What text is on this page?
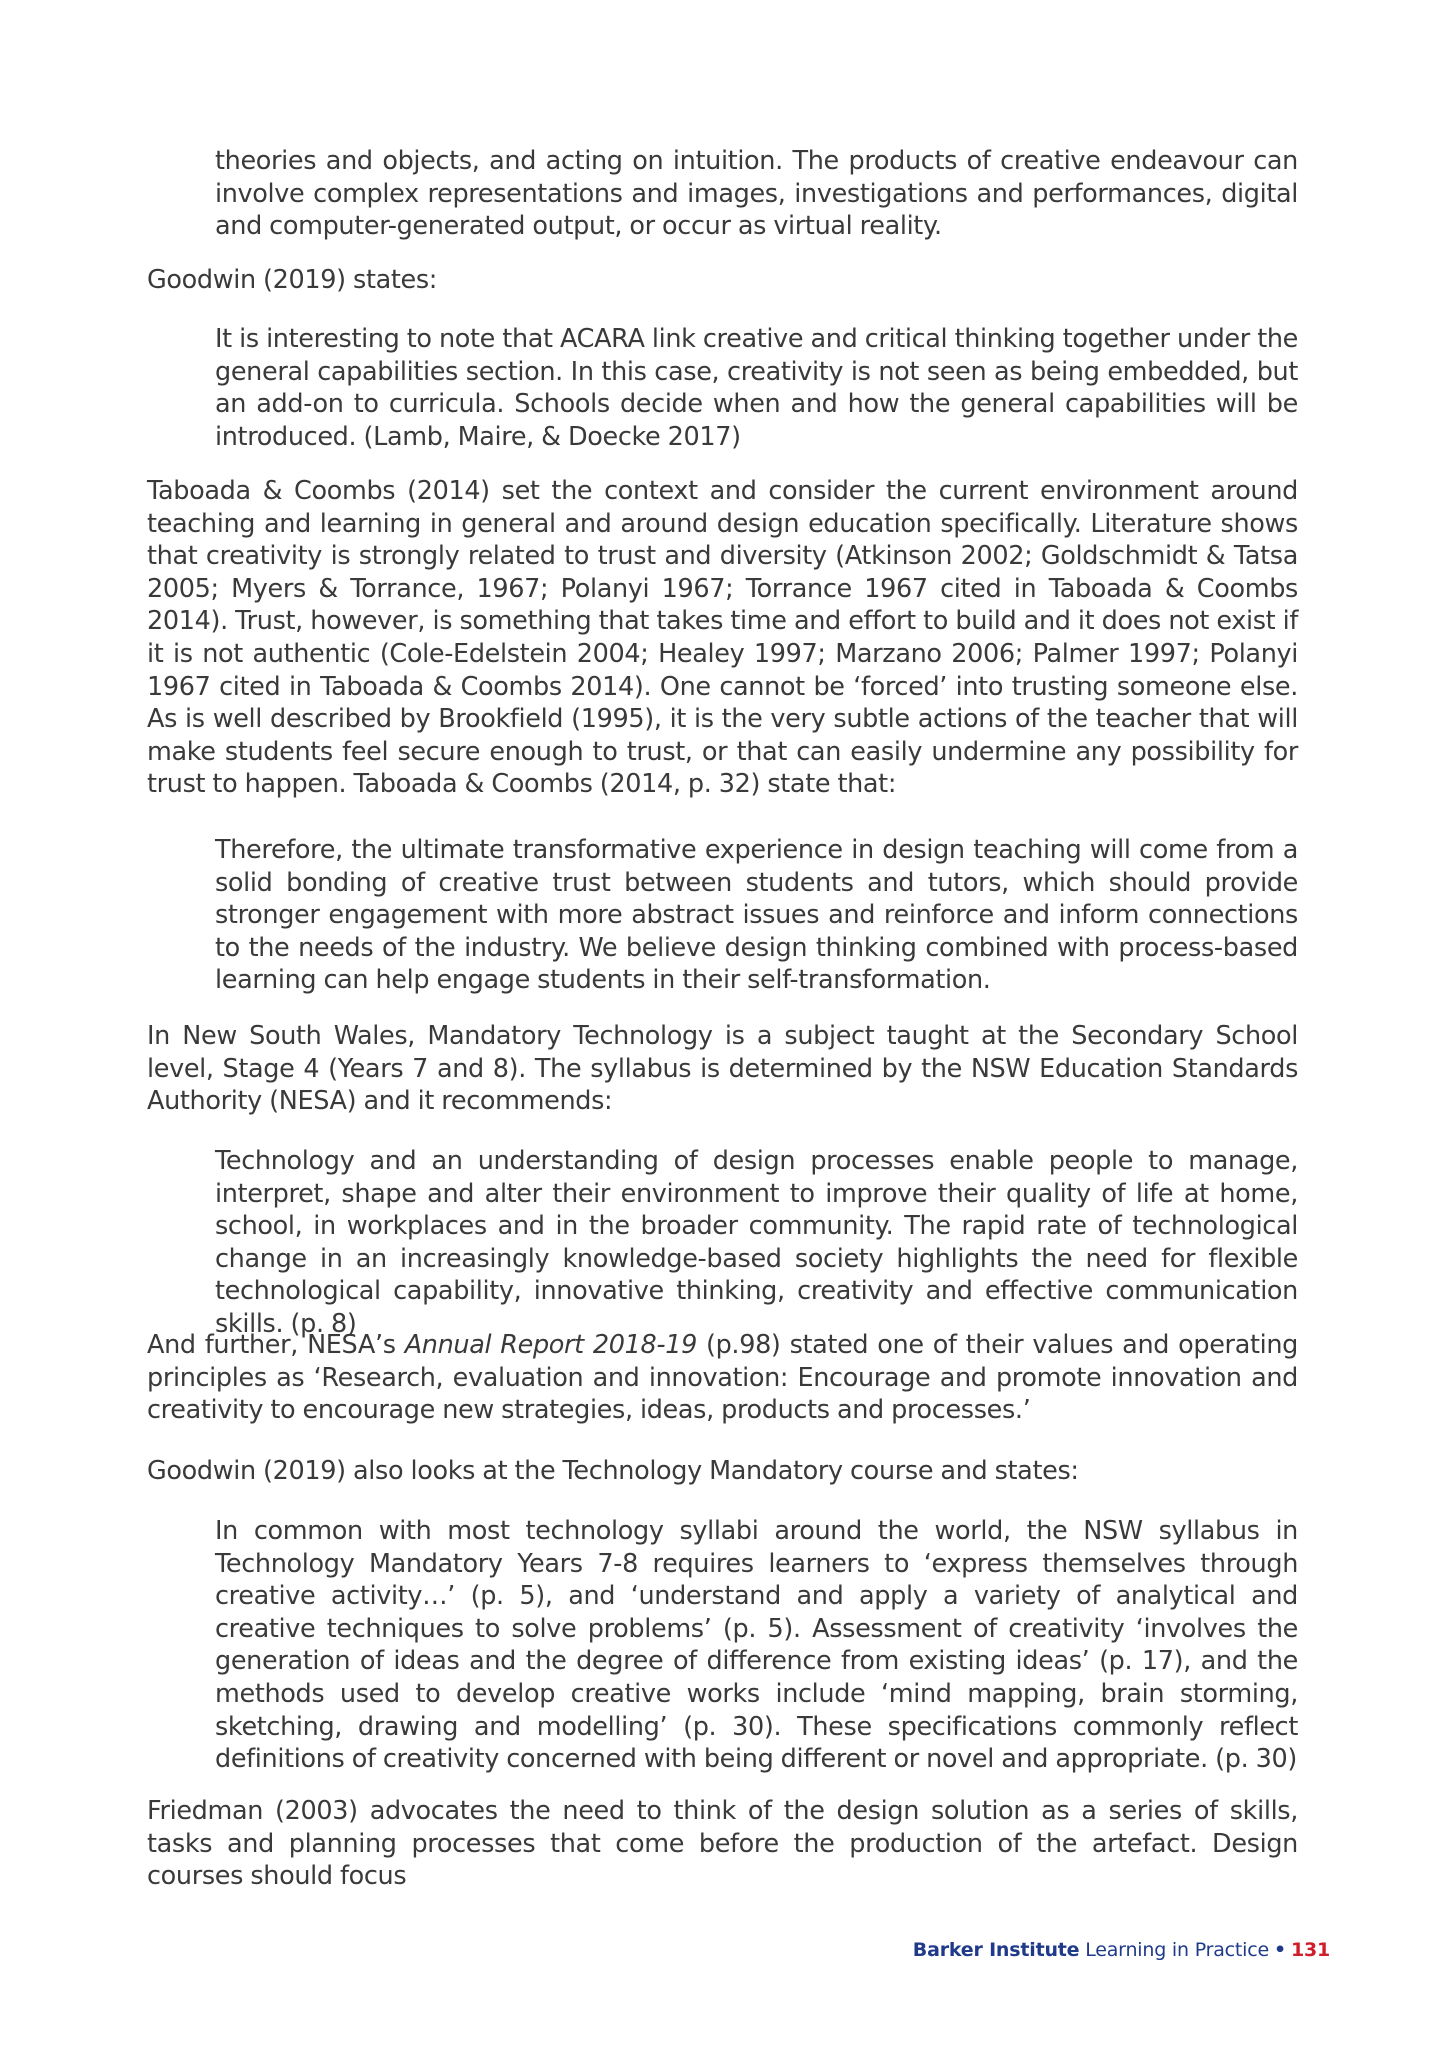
theories and objects, and acting on intuition. The products of creative endeavour can involve complex representations and images, investigations and performances, digital and computer-generated output, or occur as virtual reality.

Goodwin (2019) states:

It is interesting to note that ACARA link creative and critical thinking together under the general capabilities section. In this case, creativity is not seen as being embedded, but an add-on to curricula. Schools decide when and how the general capabilities will be introduced. (Lamb, Maire, & Doecke 2017)

Taboada & Coombs (2014) set the context and consider the current environment around teaching and learning in general and around design education specifically. Literature shows that creativity is strongly related to trust and diversity (Atkinson 2002; Goldschmidt & Tatsa 2005; Myers & Torrance, 1967; Polanyi 1967; Torrance 1967 cited in Taboada & Coombs 2014). Trust, however, is something that takes time and effort to build and it does not exist if it is not authentic (Cole-Edelstein 2004; Healey 1997; Marzano 2006; Palmer 1997; Polanyi 1967 cited in Taboada & Coombs 2014). One cannot be ‘forced’ into trusting someone else. As is well described by Brookfield (1995), it is the very subtle actions of the teacher that will make students feel secure enough to trust, or that can easily undermine any possibility for trust to happen. Taboada & Coombs (2014, p. 32) state that:

Therefore, the ultimate transformative experience in design teaching will come from a solid bonding of creative trust between students and tutors, which should provide stronger engagement with more abstract issues and reinforce and inform connections to the needs of the industry. We believe design thinking combined with process-based learning can help engage students in their self-transformation.

In New South Wales, Mandatory Technology is a subject taught at the Secondary School level, Stage 4 (Years 7 and 8). The syllabus is determined by the NSW Education Standards Authority (NESA) and it recommends:

Technology and an understanding of design processes enable people to manage, interpret, shape and alter their environment to improve their quality of life at home, school, in workplaces and in the broader community. The rapid rate of technological change in an increasingly knowledge-based society highlights the need for flexible technological capability, innovative thinking, creativity and effective communication skills. (p. 8)

And further, NESA’s Annual Report 2018-19 (p.98) stated one of their values and operating principles as ‘Research, evaluation and innovation: Encourage and promote innovation and creativity to encourage new strategies, ideas, products and processes.’

Goodwin (2019) also looks at the Technology Mandatory course and states:

In common with most technology syllabi around the world, the NSW syllabus in Technology Mandatory Years 7-8 requires learners to ‘express themselves through creative activity…’ (p. 5), and ‘understand and apply a variety of analytical and creative techniques to solve problems’ (p. 5). Assessment of creativity ‘involves the generation of ideas and the degree of difference from existing ideas’ (p. 17), and the methods used to develop creative works include ‘mind mapping, brain storming, sketching, drawing and modelling’ (p. 30). These specifications commonly reflect definitions of creativity concerned with being different or novel and appropriate. (p. 30)

Friedman (2003) advocates the need to think of the design solution as a series of skills, tasks and planning processes that come before the production of the artefact. Design courses should focus

Barker Institute Learning in Practice • 131
